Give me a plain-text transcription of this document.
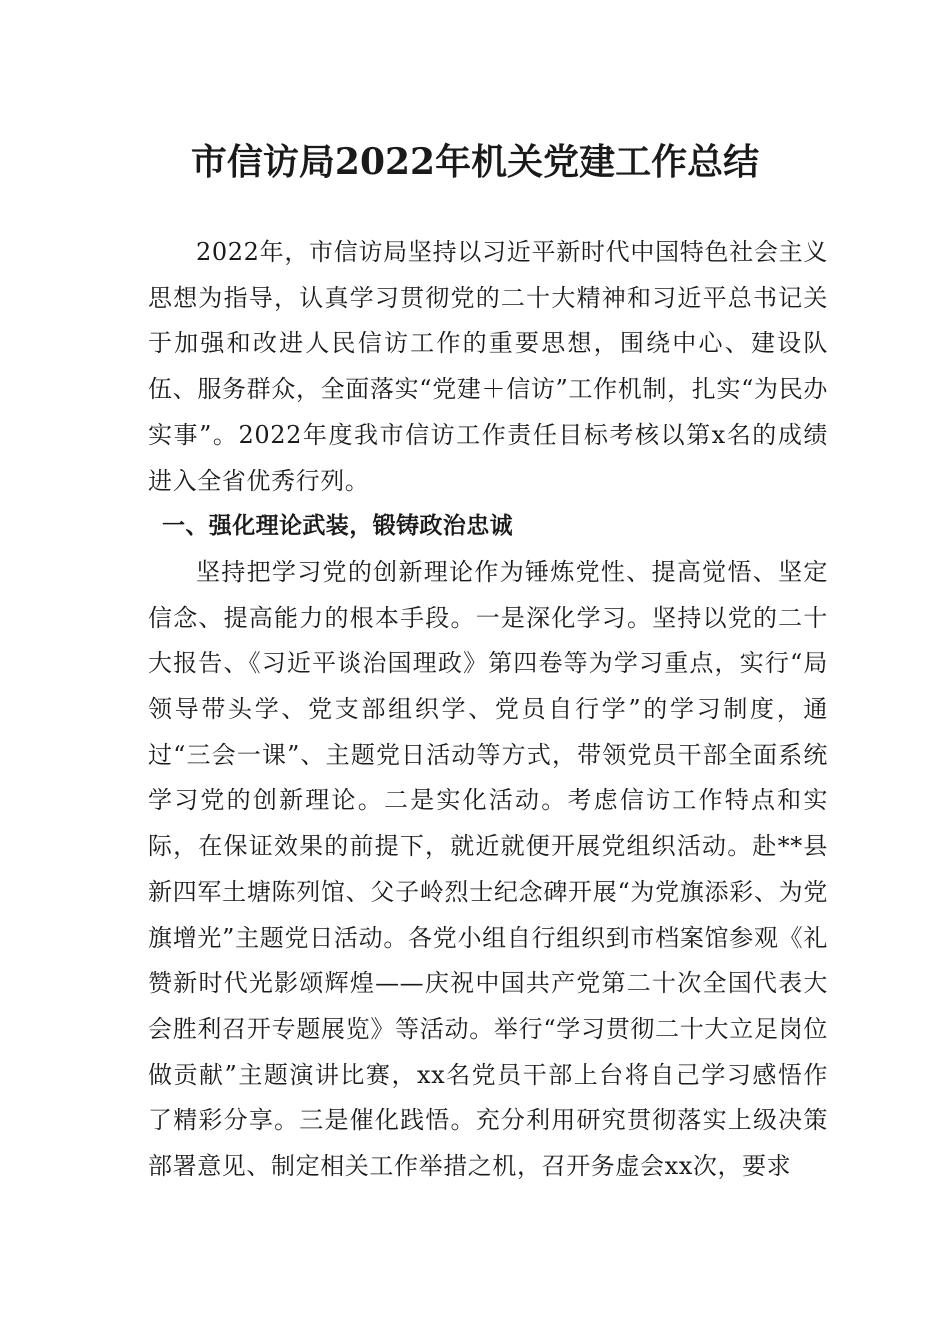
市信访局2022年机关党建工作总结

2022年，市信访局坚持以习近平新时代中国特色社会主义思想为指导，认真学习贯彻党的二十大精神和习近平总书记关于加强和改进人民信访工作的重要思想，围绕中心、建设队伍、服务群众，全面落实“党建＋信访”工作机制，扎实“为民办实事”。2022年度我市信访工作责任目标考核以第x名的成绩进入全省优秀行列。

一、强化理论武装，锻铸政治忠诚

坚持把学习党的创新理论作为锤炼党性、提高觉悟、坚定信念、提高能力的根本手段。一是深化学习。坚持以党的二十大报告、《习近平谈治国理政》第四卷等为学习重点，实行“局领导带头学、党支部组织学、党员自行学”的学习制度，通过“三会一课”、主题党日活动等方式，带领党员干部全面系统学习党的创新理论。二是实化活动。考虑信访工作特点和实际，在保证效果的前提下，就近就便开展党组织活动。赴**县新四军土塘陈列馆、父子岭烈士纪念碑开展“为党旗添彩、为党旗增光”主题党日活动。各党小组自行组织到市档案馆参观《礼赞新时代光影颂辉煌——庆祝中国共产党第二十次全国代表大会胜利召开专题展览》等活动。举行“学习贯彻二十大立足岗位做贡献”主题演讲比赛，xx名党员干部上台将自己学习感悟作了精彩分享。三是催化践悟。充分利用研究贯彻落实上级决策部署意见、制定相关工作举措之机，召开务虚会xx次，要求
